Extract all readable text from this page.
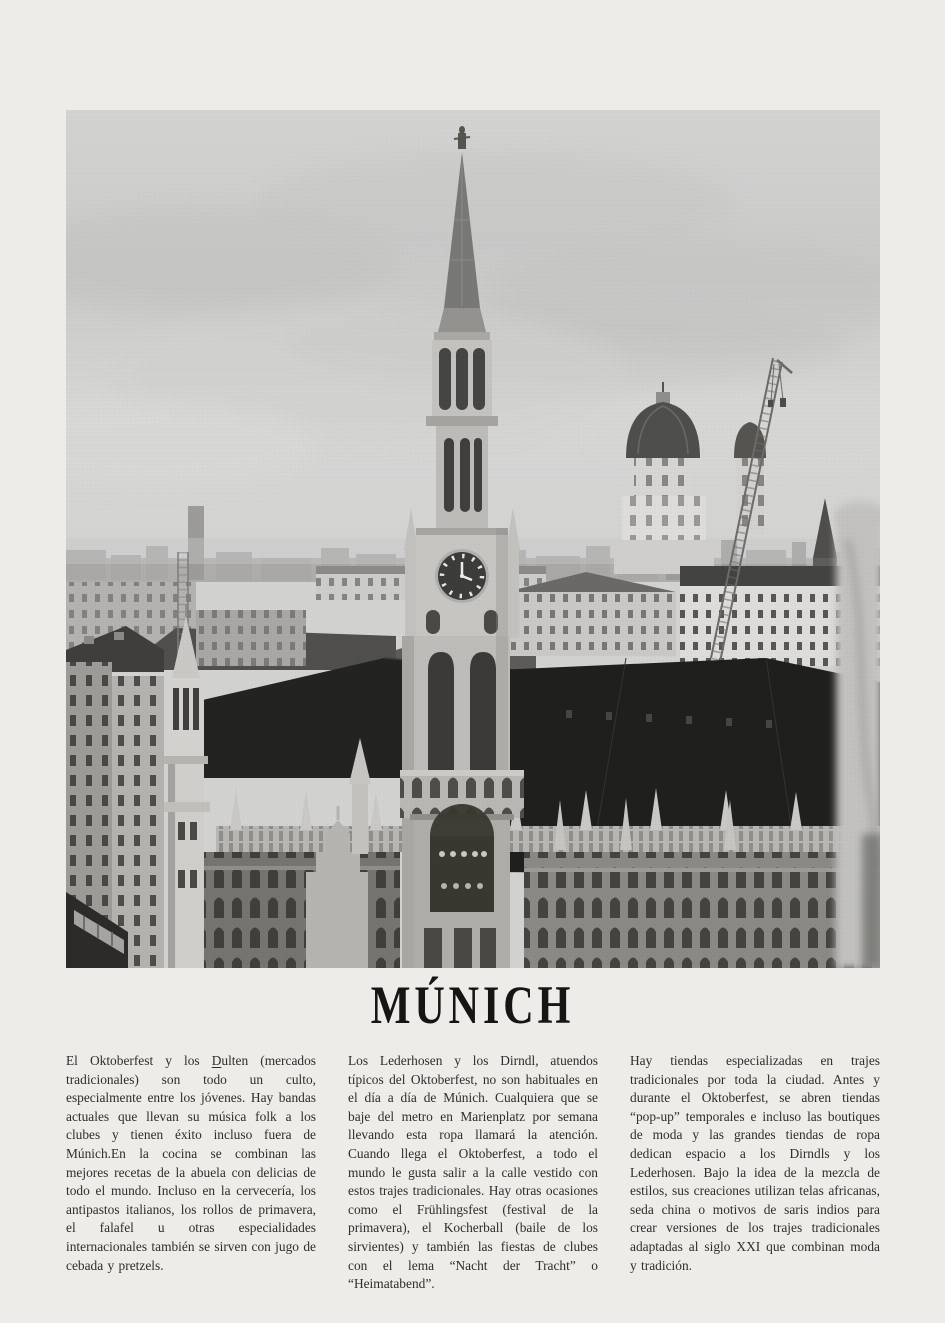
MÚNICH

El Oktoberfest y los Dulten (mercados tradicionales) son todo un culto, especialmente entre los jóvenes. Hay bandas actuales que llevan su música folk a los clubes y tienen éxito incluso fuera de Múnich.En la cocina se combinan las mejores recetas de la abuela con delicias de todo el mundo. Incluso en la cervecería, los antipastos italianos, los rollos de primavera, el falafel u otras especialidades internacionales también se sirven con jugo de cebada y pretzels.

Los Lederhosen y los Dirndl, atuendos típicos del Oktoberfest, no son habituales en el día a día de Múnich. Cualquiera que se baje del metro en Marienplatz por semana llevando esta ropa llamará la atención. Cuando llega el Oktoberfest, a todo el mundo le gusta salir a la calle vestido con estos trajes tradicionales. Hay otras ocasiones como el Frühlingsfest (festival de la primavera), el Kocherball (baile de los sirvientes) y también las fiestas de clubes con el lema “Nacht der Tracht” o “Heimatabend”.

Hay tiendas especializadas en trajes tradicionales por toda la ciudad. Antes y durante el Oktoberfest, se abren tiendas “pop-up” temporales e incluso las boutiques de moda y las grandes tiendas de ropa dedican espacio a los Dirndls y los Lederhosen. Bajo la idea de la mezcla de estilos, sus creaciones utilizan telas africanas, seda china o motivos de saris indios para crear versiones de los trajes tradicionales adaptadas al siglo XXI que combinan moda y tradición.
